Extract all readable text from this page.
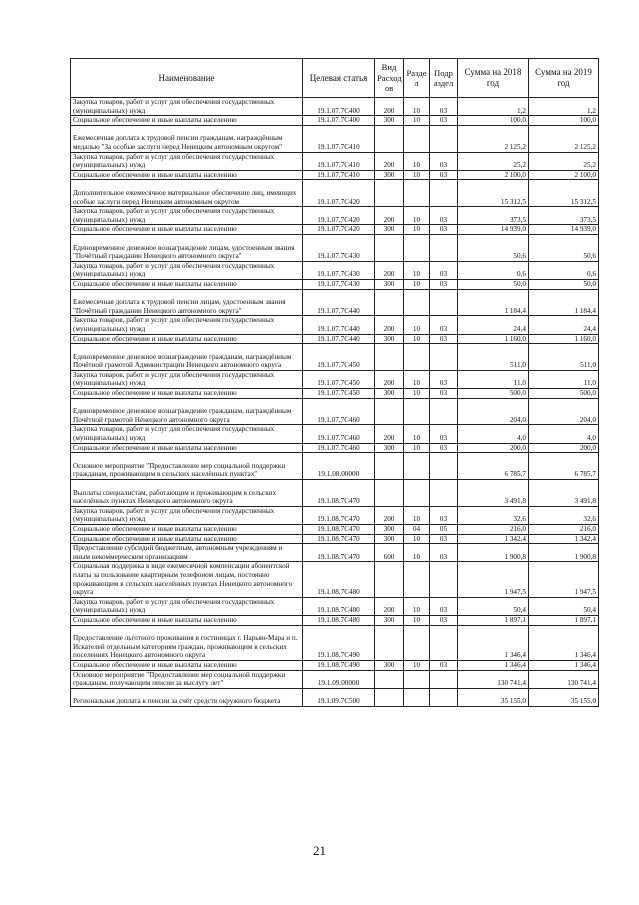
Наименование	Целевая статья	Вид Расход ов	Разде л	Подр аздел	Сумма на 2018 год	Сумма на 2019 год
Закупка товаров, работ и услуг для обеспечения государственных (муниципальных) нужд	19.1.07.7С400	200	10	03	1,2	1,2
Социальное обеспечение и иные выплаты населению	19.1.07.7С400	300	10	03	100,0	100,0
Ежемесячная доплата к трудовой пенсии гражданам, награждённым медалью "За особые заслуги перед Ненецким автономным округом"	19.1.07.7С410				2 125,2	2 125,2
Закупка товаров, работ и услуг для обеспечения государственных (муниципальных) нужд	19.1.07.7С410	200	10	03	25,2	25,2
Социальное обеспечение и иные выплаты населению	19.1.07.7С410	300	10	03	2 100,0	2 100,0
Дополнительное ежемесячное материальное обеспечение лиц, имеющих особые заслуги перед Ненецким автономным округом	19.1.07.7С420				15 312,5	15 312,5
Закупка товаров, работ и услуг для обеспечения государственных (муниципальных) нужд	19.1.07.7С420	200	10	03	373,5	373,5
Социальное обеспечение и иные выплаты населению	19.1.07.7С420	300	10	03	14 939,0	14 939,0
Единовременное денежное вознаграждение лицам, удостоенным звания "Почётный гражданин Ненецкого автономного округа"	19.1.07.7С430				50,6	50,6
Закупка товаров, работ и услуг для обеспечения государственных (муниципальных) нужд	19.1.07.7С430	200	10	03	0,6	0,6
Социальное обеспечение и иные выплаты населению	19.1.07.7С430	300	10	03	50,0	50,0
Ежемесячная доплата к трудовой пенсии лицам, удостоенным звания "Почётный гражданин Ненецкого автономного округа"	19.1.07.7С440				1 184,4	1 184,4
Закупка товаров, работ и услуг для обеспечения государственных (муниципальных) нужд	19.1.07.7С440	200	10	03	24,4	24,4
Социальное обеспечение и иные выплаты населению	19.1.07.7С440	300	10	03	1 160,0	1 160,0
Единовременное денежное вознаграждение гражданам, награждённым Почётной грамотой Администрации Ненецкого автономного округа	19.1.07.7С450				511,0	511,0
Закупка товаров, работ и услуг для обеспечения государственных (муниципальных) нужд	19.1.07.7С450	200	10	03	11,0	11,0
Социальное обеспечение и иные выплаты населению	19.1.07.7С450	300	10	03	500,0	500,0
Единовременное денежное вознаграждение гражданам, награждённым Почётной грамотой Ненецкого автономного округа	19.1.07.7С460				204,0	204,0
Закупка товаров, работ и услуг для обеспечения государственных (муниципальных) нужд	19.1.07.7С460	200	10	03	4,0	4,0
Социальное обеспечение и иные выплаты населению	19.1.07.7С460	300	10	03	200,0	200,0
Основное мероприятие "Предоставление мер социальной поддержки гражданам, проживающим в сельских населённых пунктах"	19.1.08.00000				6 785,7	6 785,7
Выплаты специалистам, работающим и проживающим в сельских населённых пунктах Ненецкого автономного округа	19.1.08.7С470				3 491,8	3 491,8
Закупка товаров, работ и услуг для обеспечения государственных (муниципальных) нужд	19.1.08.7С470	200	10	03	32,6	32,6
Социальное обеспечение и иные выплаты населению	19.1.08.7С470	300	04	05	216,0	216,0
Социальное обеспечение и иные выплаты населению	19.1.08.7С470	300	10	03	1 342,4	1 342,4
Предоставление субсидий бюджетным, автономным учреждениям и иным некоммерческим организациям	19.1.08.7С470	600	10	03	1 900,8	1 900,8
Социальная поддержка в виде ежемесячной компенсации абонентской платы за пользование квартирным телефоном лицам, постоянно проживающим в сельских населённых пунктах Ненецкого автономного округа	19.1.08.7С480				1 947,5	1 947,5
Закупка товаров, работ и услуг для обеспечения государственных (муниципальных) нужд	19.1.08.7С480	200	10	03	50,4	50,4
Социальное обеспечение и иные выплаты населению	19.1.08.7С480	300	10	03	1 897,1	1 897,1
Предоставление льготного проживания в гостиницах г. Нарьян-Мара и п. Искателей отдельным категориям граждан, проживающим в сельских поселениях Ненецкого автономного округа	19.1.08.7С490				1 346,4	1 346,4
Социальное обеспечение и иные выплаты населению	19.1.08.7С490	300	10	03	1 346,4	1 346,4
Основное мероприятие "Предоставление мер социальной поддержки гражданам, получающим пенсии за выслугу лет"	19.1.09.00000				130 741,4	130 741,4
Региональная доплата к пенсии за счёт средств окружного бюджета	19.1.09.7С500				35 155,0	35 155,0
21
